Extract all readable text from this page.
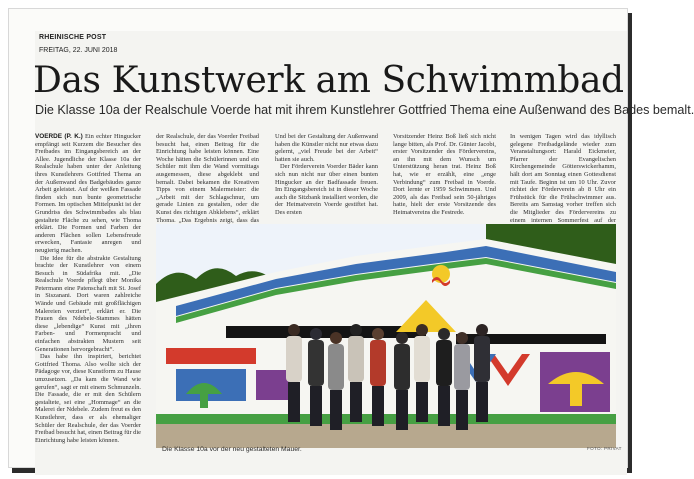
RHEINISCHE POST
FREITAG, 22. JUNI 2018
Das Kunstwerk am Schwimmbad
Die Klasse 10a der Realschule Voerde hat mit ihrem Kunstlehrer Gottfried Thema eine Außenwand des Bades bemalt.

VOERDE (P. K.) Ein echter Hingucker empfängt seit Kurzem die Besucher des Freibades im Eingangsbereich an der Allee. Jugendliche der Klasse 10a der Realschule haben unter der Anleitung ihres Kunstlehrers Gottfried Thema an der Außenwand des Badgebäudes ganze Arbeit geleistet. Auf der weißen Fassade finden sich nun bunte geometrische Formen. Im optischen Mittelpunkt ist der Grundriss des Schwimmbades als blau gestaltete Fläche zu sehen, wie Thoma erklärt. Die Formen und Farben der anderen Flächen sollen Lebensfreude erwecken, Fantasie anregen und neugierig machen.

Die Idee für die abstrakte Gestaltung brachte der Kunstlehrer von einem Besuch in Südafrika mit. „Die Realschule Voerde pflegt über Monika Petermann eine Patenschaft mit St. Josef in Siszanani. Dort waren zahlreiche Wände und Gebäude mit großflächigen Malereien verziert“, erklärt er. Die Frauen des Ndebele-Stammes hätten diese „lebendige“ Kunst mit „ihren Farben- und Formenpracht und einfachen abstrakten Mustern seit Generationen hervorgebracht“.

Das habe ihn inspiriert, berichtet Gottfried Thoma. Also wollte sich der Pädagoge vor, diese Kunstform zu Hause umzusetzen. „Da kam die Wand wie gerufen“, sagt er mit einem Schmunzeln. Die Fassade, die er mit den Schülern gestaltete, sei eine „Hommage“ an die Malerei der Ndebele. Zudem freut es den Kunstlehrer, dass er als ehemaliger Schüler der Realschule, der das Voerder Freibad besucht hat, einen Beitrag für die Einrichtung habe leisten können.

der Realschule, der das Voerder Freibad besucht hat, einen Beitrag für die Einrichtung habe leisten können. Eine Woche hätten die Schülerinnen und ein Schüler mit ihm die Wand vormittags ausgemessen, diese abgeklebt und bemalt. Dabei bekamen die Kreativen Tipps von einem Malermeister: die „Arbeit mit der Schlagschnur, um gerade Linien zu gestalten, oder die Kunst des richtigen Abklebens“, erklärt Thoma. „Das Ergebnis zeigt, dass das

Und bei der Gestaltung der Außenwand haben die Künstler nicht nur etwas dazu gelernt, „viel Freude bei der Arbeit“ hatten sie auch.

Der Förderverein Voerder Bäder kann sich nun nicht nur über einen bunten Hingucker an der Badfassade freuen. Im Eingangsbereich ist in dieser Woche auch die Sitzbank installiert worden, die der Heimatverein Voerde gestiftet hat. Des ersten

Vorsitzender Heinz Boß ließ sich nicht lange bitten, als Prof. Dr. Günter Jacobi, erster Vorsitzender des Fördervereins, an ihn mit dem Wunsch um Unterstützung heran trat. Heinz Boß hat, wie er erzählt, eine „enge Verbindung“ zum Freibad in Voerde. Dort lernte er 1959 Schwimmen. Und 2009, als das Freibad sein 50-jähriges hatte, hielt der erste Vorsitzende des Heimatvereins die Festrede.

In wenigen Tagen wird das idyllisch gelegene Freibadgelände wieder zum Veranstaltungsort: Harald Eickmeier, Pfarrer der Evangelischen Kirchengemeinde Götterswickerhamm, hält dort am Sonntag einen Gottesdienst mit Taufe. Beginn ist um 10 Uhr. Zuvor richtet der Förderverein ab 8 Uhr ein Frühstück für die Frühschwimmer aus. Bereits am Samstag vorher treffen sich die Mitglieder des Fördervereins zu einem internen Sommerfest auf der

Die Klasse 10a vor der neu gestalteten Mauer.	FOTO: PRIVAT
